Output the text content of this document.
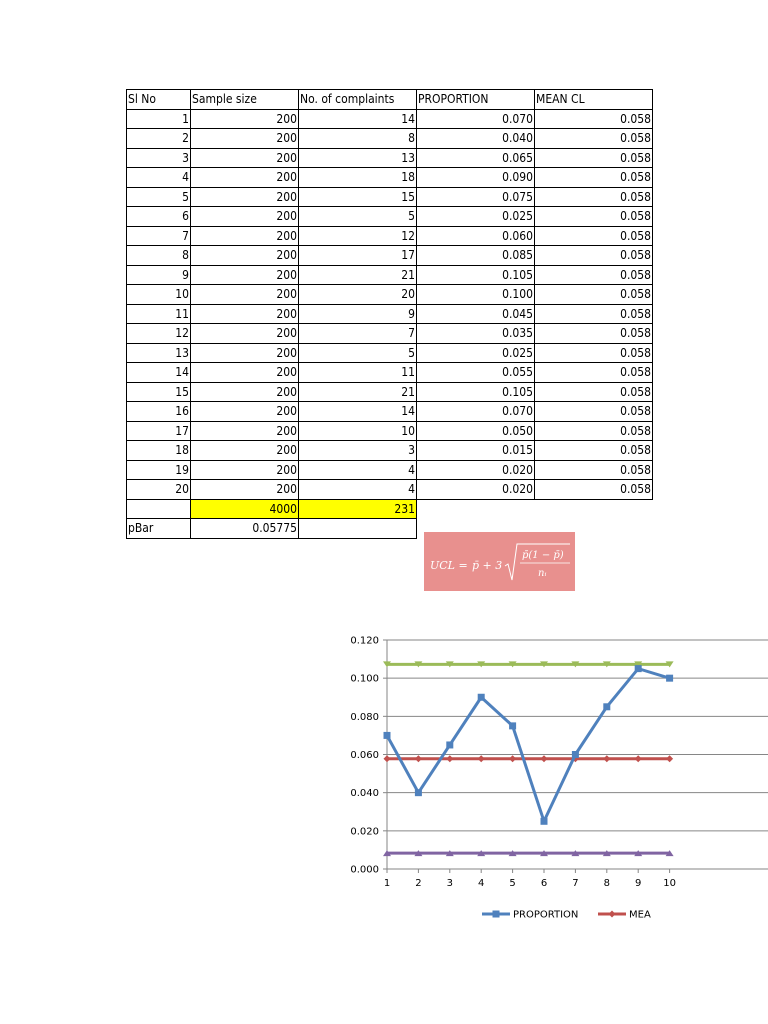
Sl No	Sample size	No. of complaints	PROPORTION	MEAN CL
1	200	14	0.070	0.058
2	200	8	0.040	0.058
3	200	13	0.065	0.058
4	200	18	0.090	0.058
5	200	15	0.075	0.058
6	200	5	0.025	0.058
7	200	12	0.060	0.058
8	200	17	0.085	0.058
9	200	21	0.105	0.058
10	200	20	0.100	0.058
11	200	9	0.045	0.058
12	200	7	0.035	0.058
13	200	5	0.025	0.058
14	200	11	0.055	0.058
15	200	21	0.105	0.058
16	200	14	0.070	0.058
17	200	10	0.050	0.058
18	200	3	0.015	0.058
19	200	4	0.020	0.058
20	200	4	0.020	0.058
	4000	231		
pBar	0.05775			
UCL = p̄ + 3
p̄(1 − p̄)
nᵢ
0.000
0.020
0.040
0.060
0.080
0.100
0.120
1	2	3	4	5	6	7	8	9 10
PROPORTION	MEA
